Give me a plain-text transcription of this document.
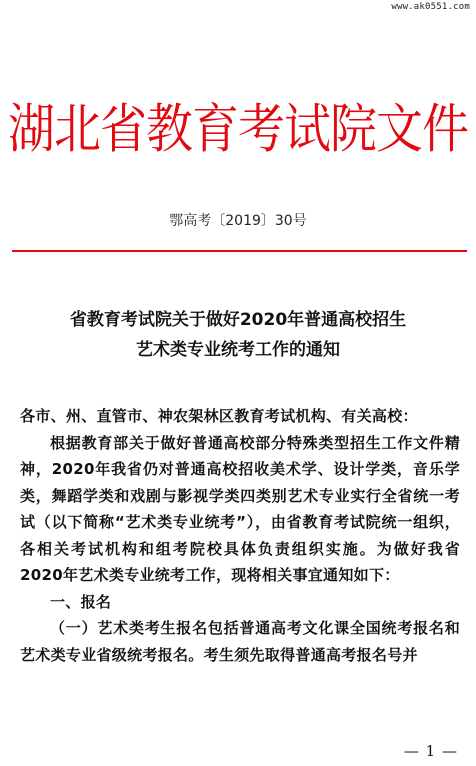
www.ak0551.com
湖北省教育考试院文件
鄂高考〔2019〕30号
省教育考试院关于做好2020年普通高校招生
艺术类专业统考工作的通知

各市、州、直管市、神农架林区教育考试机构、有关高校：

根据教育部关于做好普通高校部分特殊类型招生工作文件精神，2020年我省仍对普通高校招收美术学、设计学类，音乐学类，舞蹈学类和戏剧与影视学类四类别艺术专业实行全省统一考试（以下简称“艺术类专业统考”），由省教育考试院统一组织，各相关考试机构和组考院校具体负责组织实施。为做好我省2020年艺术类专业统考工作，现将相关事宜通知如下：

一、报名

（一）艺术类考生报名包括普通高考文化课全国统考报名和艺术类专业省级统考报名。考生须先取得普通高考报名号并

— 1 —
